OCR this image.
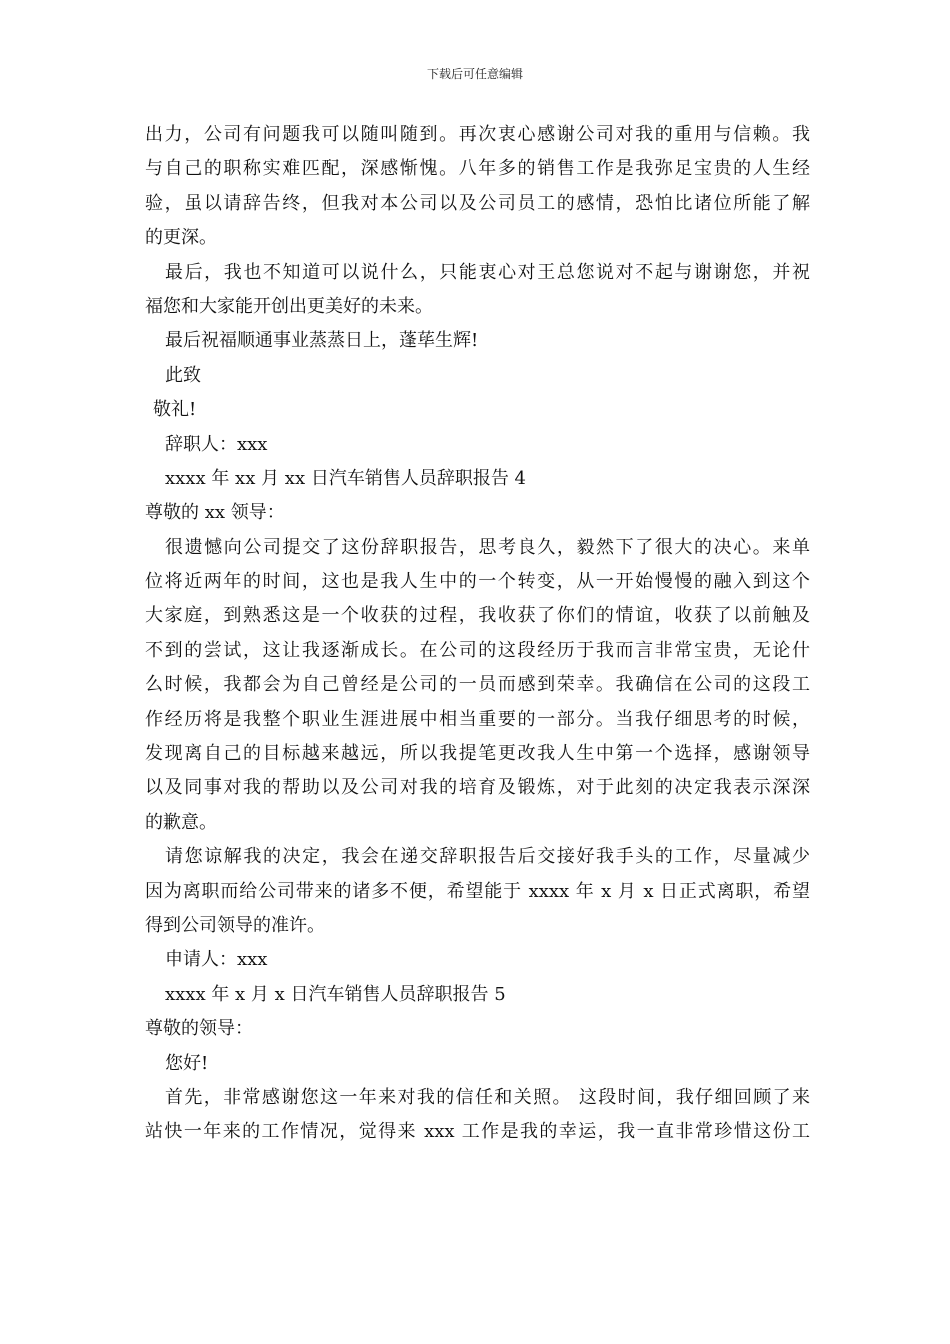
下载后可任意编辑
出力，公司有问题我可以随叫随到。再次衷心感谢公司对我的重用与信赖。我
与自己的职称实难匹配，深感惭愧。八年多的销售工作是我弥足宝贵的人生经
验，虽以请辞告终，但我对本公司以及公司员工的感情，恐怕比诸位所能了解
的更深。
最后，我也不知道可以说什么，只能衷心对王总您说对不起与谢谢您，并祝
福您和大家能开创出更美好的未来。
最后祝福顺通事业蒸蒸日上，蓬荜生辉!
此致
敬礼!
辞职人：xxx
xxxx 年 xx 月 xx 日汽车销售人员辞职报告 4
尊敬的 xx 领导：
很遗憾向公司提交了这份辞职报告，思考良久，毅然下了很大的决心。来单
位将近两年的时间，这也是我人生中的一个转变，从一开始慢慢的融入到这个
大家庭，到熟悉这是一个收获的过程，我收获了你们的情谊，收获了以前触及
不到的尝试，这让我逐渐成长。在公司的这段经历于我而言非常宝贵，无论什
么时候，我都会为自己曾经是公司的一员而感到荣幸。我确信在公司的这段工
作经历将是我整个职业生涯进展中相当重要的一部分。当我仔细思考的时候，
发现离自己的目标越来越远，所以我提笔更改我人生中第一个选择，感谢领导
以及同事对我的帮助以及公司对我的培育及锻炼，对于此刻的决定我表示深深
的歉意。
请您谅解我的决定，我会在递交辞职报告后交接好我手头的工作，尽量减少
因为离职而给公司带来的诸多不便，希望能于 xxxx 年 x 月 x 日正式离职，希望
得到公司领导的准许。
申请人：xxx
xxxx 年 x 月 x 日汽车销售人员辞职报告 5
尊敬的领导：
您好!
首先，非常感谢您这一年来对我的信任和关照。 这段时间，我仔细回顾了来
站快一年来的工作情况，觉得来 xxx 工作是我的幸运，我一直非常珍惜这份工
